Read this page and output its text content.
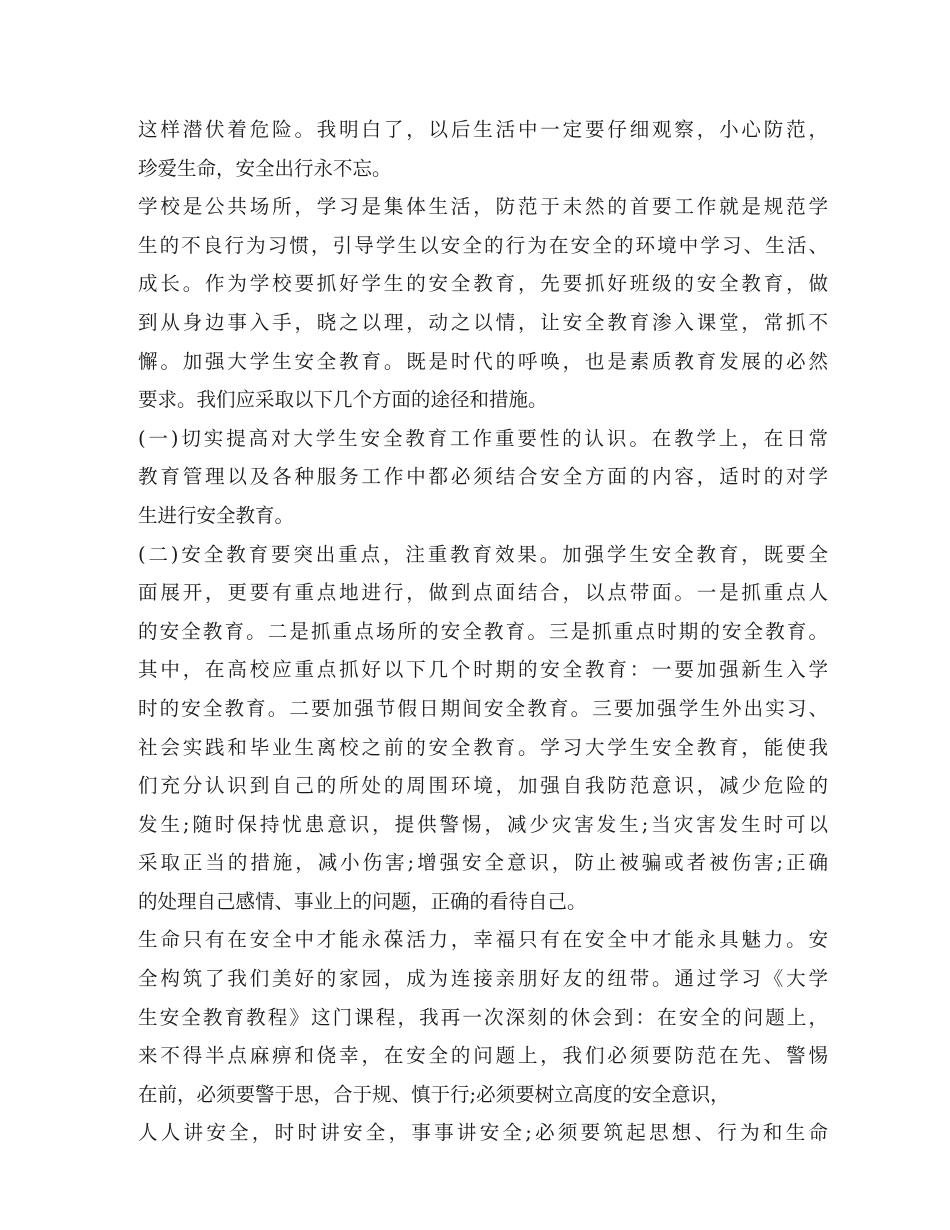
这样潜伏着危险。我明白了，以后生活中一定要仔细观察，小心防范，
珍爱生命，安全出行永不忘。
学校是公共场所，学习是集体生活，防范于未然的首要工作就是规范学
生的不良行为习惯，引导学生以安全的行为在安全的环境中学习、生活、
成长。作为学校要抓好学生的安全教育，先要抓好班级的安全教育，做
到从身边事入手，晓之以理，动之以情，让安全教育渗入课堂，常抓不
懈。加强大学生安全教育。既是时代的呼唤，也是素质教育发展的必然
要求。我们应采取以下几个方面的途径和措施。
(一)切实提高对大学生安全教育工作重要性的认识。在教学上，在日常
教育管理以及各种服务工作中都必须结合安全方面的内容，适时的对学
生进行安全教育。
(二)安全教育要突出重点，注重教育效果。加强学生安全教育，既要全
面展开，更要有重点地进行，做到点面结合，以点带面。一是抓重点人
的安全教育。二是抓重点场所的安全教育。三是抓重点时期的安全教育。
其中，在高校应重点抓好以下几个时期的安全教育：一要加强新生入学
时的安全教育。二要加强节假日期间安全教育。三要加强学生外出实习、
社会实践和毕业生离校之前的安全教育。学习大学生安全教育，能使我
们充分认识到自己的所处的周围环境，加强自我防范意识，减少危险的
发生;随时保持忧患意识，提供警惕，减少灾害发生;当灾害发生时可以
采取正当的措施，减小伤害;增强安全意识，防止被骗或者被伤害;正确
的处理自己感情、事业上的问题，正确的看待自己。
生命只有在安全中才能永葆活力，幸福只有在安全中才能永具魅力。安
全构筑了我们美好的家园，成为连接亲朋好友的纽带。通过学习《大学
生安全教育教程》这门课程，我再一次深刻的休会到：在安全的问题上，
来不得半点麻痹和侥幸，在安全的问题上，我们必须要防范在先、警惕
在前，必须要警于思，合于规、慎于行;必须要树立高度的安全意识，
人人讲安全，时时讲安全，事事讲安全;必须要筑起思想、行为和生命
